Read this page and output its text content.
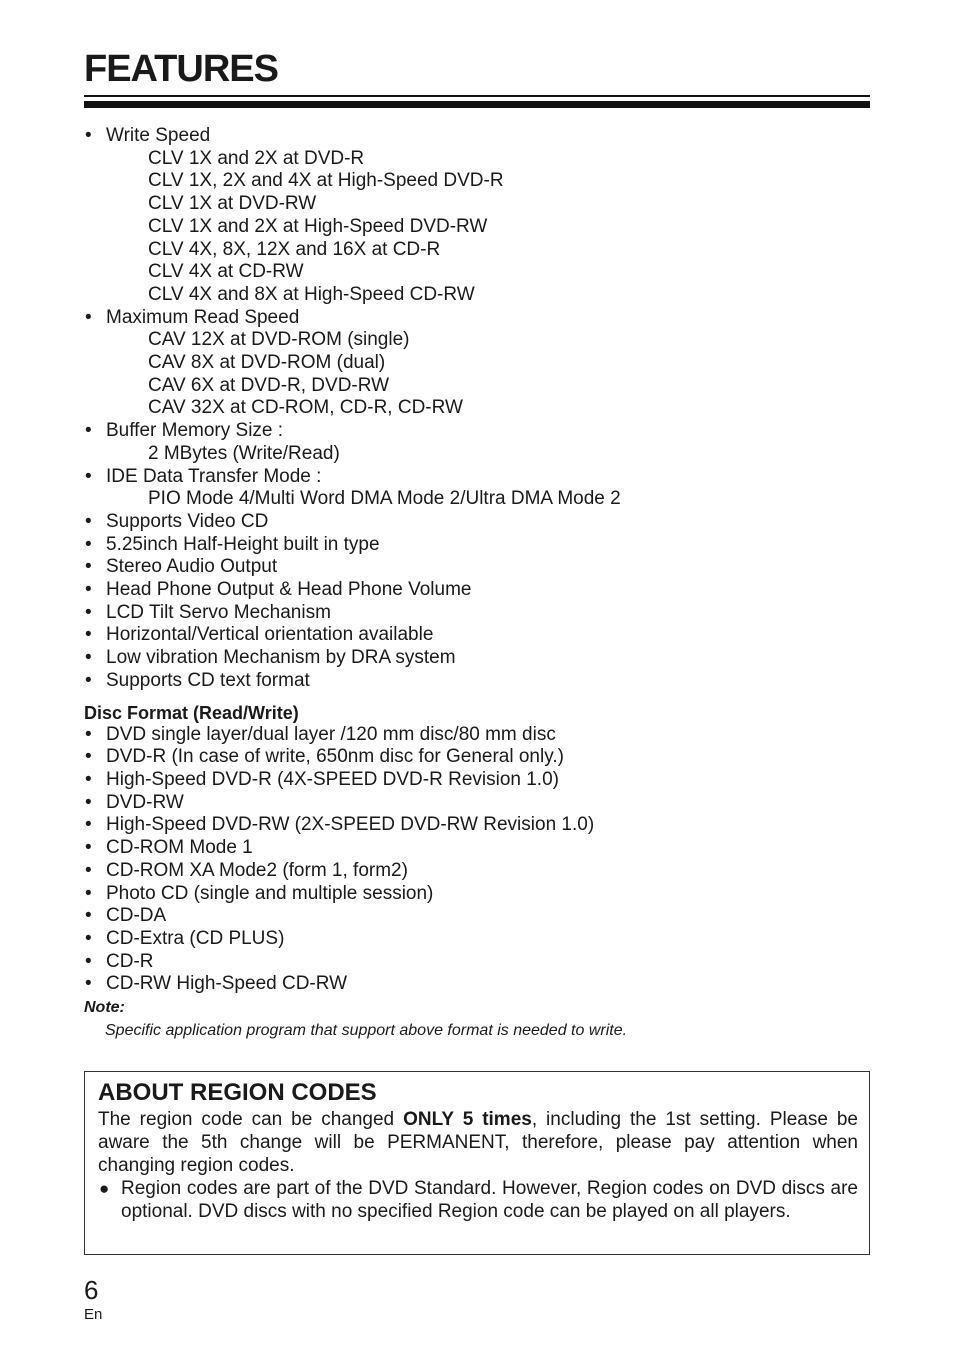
FEATURES
• Write Speed
CLV 1X and 2X at DVD-R
CLV 1X, 2X and 4X at High-Speed DVD-R
CLV 1X at DVD-RW
CLV 1X and 2X at High-Speed DVD-RW
CLV 4X, 8X, 12X and 16X at CD-R
CLV 4X at CD-RW
CLV 4X and 8X at High-Speed CD-RW
• Maximum Read Speed
CAV 12X at DVD-ROM (single)
CAV 8X at DVD-ROM (dual)
CAV 6X at DVD-R, DVD-RW
CAV 32X at CD-ROM, CD-R, CD-RW
• Buffer Memory Size :
2 MBytes (Write/Read)
• IDE Data Transfer Mode :
PIO Mode 4/Multi Word DMA Mode 2/Ultra DMA Mode 2
• Supports Video CD
• 5.25inch Half-Height built in type
• Stereo Audio Output
• Head Phone Output & Head Phone Volume
• LCD Tilt Servo Mechanism
• Horizontal/Vertical orientation available
• Low vibration Mechanism by DRA system
• Supports CD text format
Disc Format (Read/Write)
• DVD single layer/dual layer /120 mm disc/80 mm disc
• DVD-R (In case of write, 650nm disc for General only.)
• High-Speed DVD-R (4X-SPEED DVD-R Revision 1.0)
• DVD-RW
• High-Speed DVD-RW (2X-SPEED DVD-RW Revision 1.0)
• CD-ROM Mode 1
• CD-ROM XA Mode2 (form 1, form2)
• Photo CD (single and multiple session)
• CD-DA
• CD-Extra (CD PLUS)
• CD-R
• CD-RW High-Speed CD-RW
Note:
Specific application program that support above format is needed to write.
ABOUT REGION CODES

The region code can be changed ONLY 5 times, including the 1st setting. Please be aware the 5th change will be PERMANENT, therefore, please pay attention when changing region codes.

● Region codes are part of the DVD Standard. However, Region codes on DVD discs are optional. DVD discs with no specified Region code can be played on all players.
6
En
